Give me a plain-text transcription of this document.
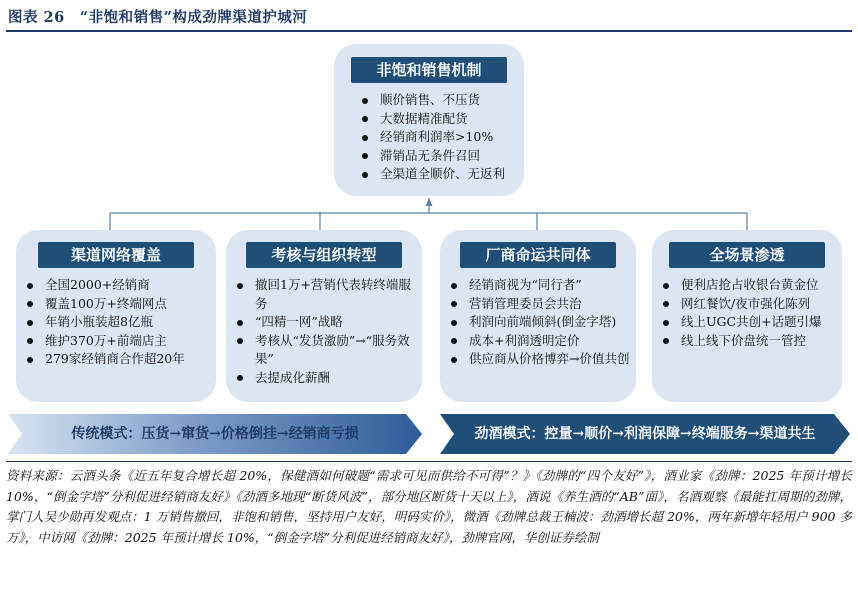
图表 26　“非饱和销售”构成劲牌渠道护城河
非饱和销售机制
顺价销售、不压货
大数据精准配货
经销商利润率>10%
滞销品无条件召回
全渠道全顺价、无返利
渠道网络覆盖
全国2000+经销商
覆盖100万+终端网点
年销小瓶装超8亿瓶
维护370万+前端店主
279家经销商合作超20年
考核与组织转型
撤回1万+营销代表转终端服务
“四精一网”战略
考核从“发货激励”→“服务效果”
去提成化薪酬
厂商命运共同体
经销商视为“同行者”
营销管理委员会共治
利润向前端倾斜(倒金字塔)
成本+利润透明定价
供应商从价格博弈→价值共创
全场景渗透
便利店抢占收银台黄金位
网红餐饮/夜市强化陈列
线上UGC共创+话题引爆
线上线下价盘统一管控
传统模式：压货→窜货→价格倒挂→经销商亏损	劲酒模式：控量→顺价→利润保障→终端服务→渠道共生
资料来源：云酒头条《近五年复合增长超 20%，保健酒如何破题“需求可见而供给不可得”？》《劲牌的“四个友好”》，酒业家《劲牌：2025 年预计增长 10%，“倒金字塔”分利促进经销商友好》《劲酒多地现“断货风波”，部分地区断货十天以上》，酒说《养生酒的“AB”面》，名酒观察《最能扛周期的劲牌，掌门人吴少勋再发观点：1 万销售撤回，非饱和销售，坚持用户友好，明码实价》，微酒《劲牌总裁王楠波：劲酒增长超 20%，两年新增年轻用户 900 多万》，中访网《劲牌：2025 年预计增长 10%，“倒金字塔”分利促进经销商友好》，劲牌官网，华创证券绘制
